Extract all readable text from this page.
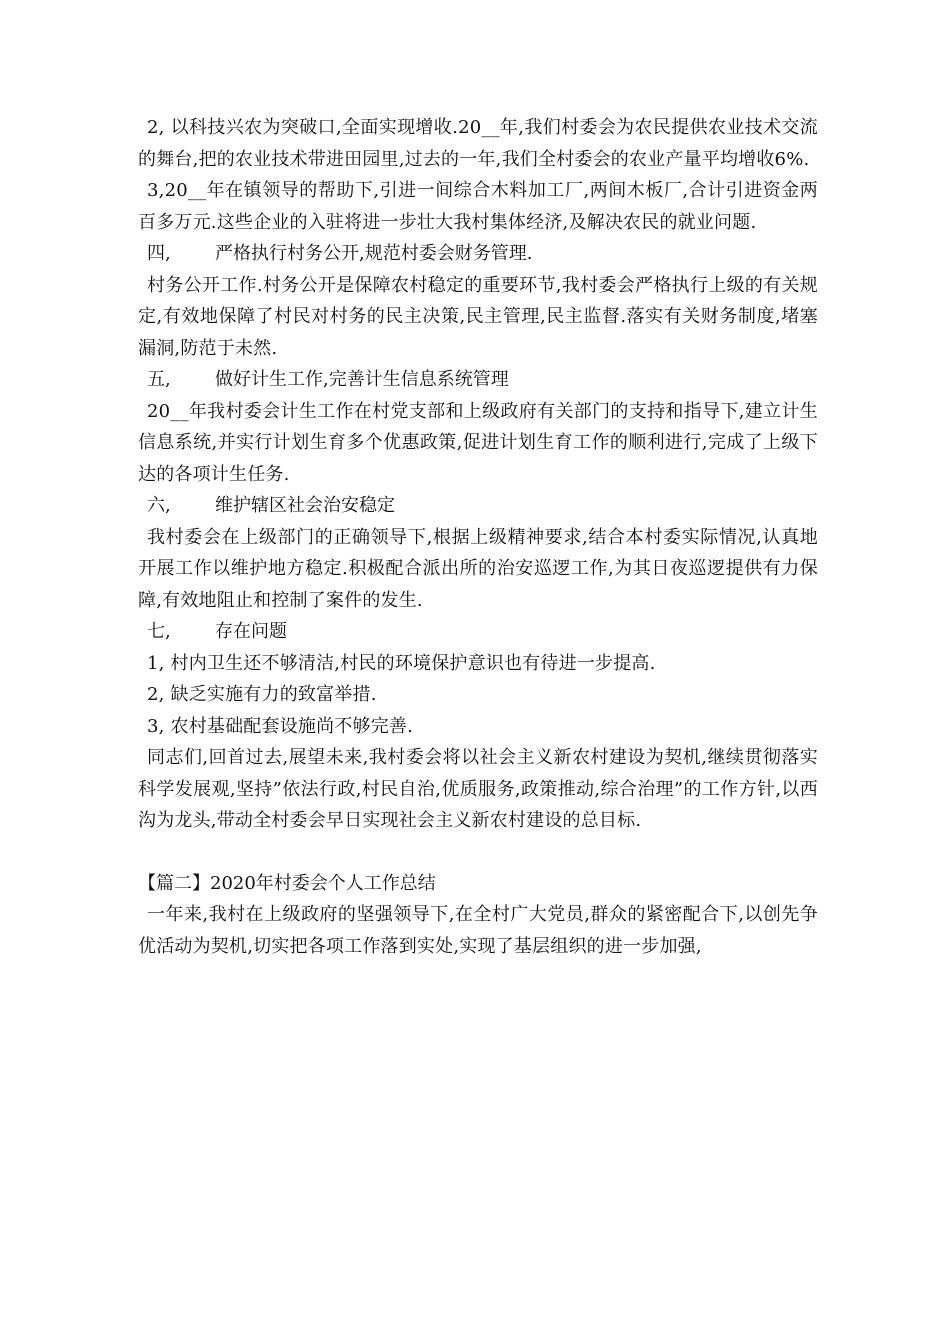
2, 以科技兴农为突破口,全面实现增收.20__年,我们村委会为农民提供农业技术交流的舞台,把的农业技术带进田园里,过去的一年,我们全村委会的农业产量平均增收6%.

3,20__年在镇领导的帮助下,引进一间综合木料加工厂,两间木板厂,合计引进资金两百多万元.这些企业的入驻将进一步壮大我村集体经济,及解决农民的就业问题.

四, 严格执行村务公开,规范村委会财务管理.

村务公开工作.村务公开是保障农村稳定的重要环节,我村委会严格执行上级的有关规定,有效地保障了村民对村务的民主决策,民主管理,民主监督.落实有关财务制度,堵塞漏洞,防范于未然.

五, 做好计生工作,完善计生信息系统管理

20__年我村委会计生工作在村党支部和上级政府有关部门的支持和指导下,建立计生信息系统,并实行计划生育多个优惠政策,促进计划生育工作的顺利进行,完成了上级下达的各项计生任务.

六, 维护辖区社会治安稳定

我村委会在上级部门的正确领导下,根据上级精神要求,结合本村委实际情况,认真地开展工作以维护地方稳定.积极配合派出所的治安巡逻工作,为其日夜巡逻提供有力保障,有效地阻止和控制了案件的发生.

七, 存在问题

1, 村内卫生还不够清洁,村民的环境保护意识也有待进一步提高.

2, 缺乏实施有力的致富举措.

3, 农村基础配套设施尚不够完善.

同志们,回首过去,展望未来,我村委会将以社会主义新农村建设为契机,继续贯彻落实科学发展观,坚持”依法行政,村民自治,优质服务,政策推动,综合治理”的工作方针,以西沟为龙头,带动全村委会早日实现社会主义新农村建设的总目标.

【篇二】2020年村委会个人工作总结

一年来,我村在上级政府的坚强领导下,在全村广大党员,群众的紧密配合下,以创先争优活动为契机,切实把各项工作落到实处,实现了基层组织的进一步加强,
